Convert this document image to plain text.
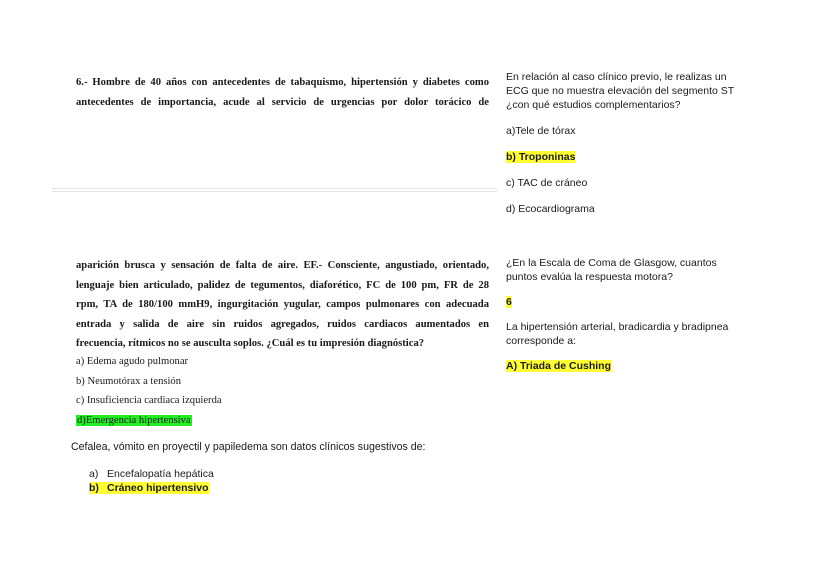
6.- Hombre de 40 años con antecedentes de tabaquismo, hipertensión y diabetes como
antecedentes de importancia, acude al servicio de urgencias por dolor torácico de
aparición brusca y sensación de falta de aire. EF.- Consciente, angustiado, orientado,
lenguaje bien articulado, palidez de tegumentos, diaforético, FC de 100 pm, FR de 28
rpm, TA de 180/100 mmH9, ingurgitación yugular, campos pulmonares con adecuada
entrada y salida de aire sin ruidos agregados, ruidos cardiacos aumentados en
frecuencia, rítmicos no se ausculta soplos. ¿Cuál es tu impresión diagnóstica?
a) Edema agudo pulmonar
b) Neumotórax a tensión
c) Insuficiencia cardiaca izquierda
d)Emergencia hipertensiva
Cefalea, vómito en proyectil y papiledema son datos clínicos sugestivos de:
a) Encefalopatía hepática
b) Cráneo hipertensivo
En relación al caso clínico previo, le realizas un
ECG que no muestra elevación del segmento ST
¿con qué estudios complementarios?
a)Tele de tórax
b) Troponinas
c) TAC de cráneo
d) Ecocardiograma
¿En la Escala de Coma de Glasgow, cuantos
puntos evalúa la respuesta motora?
6
La hipertensión arterial, bradicardia y bradipnea
corresponde a:
A) Triada de Cushing
